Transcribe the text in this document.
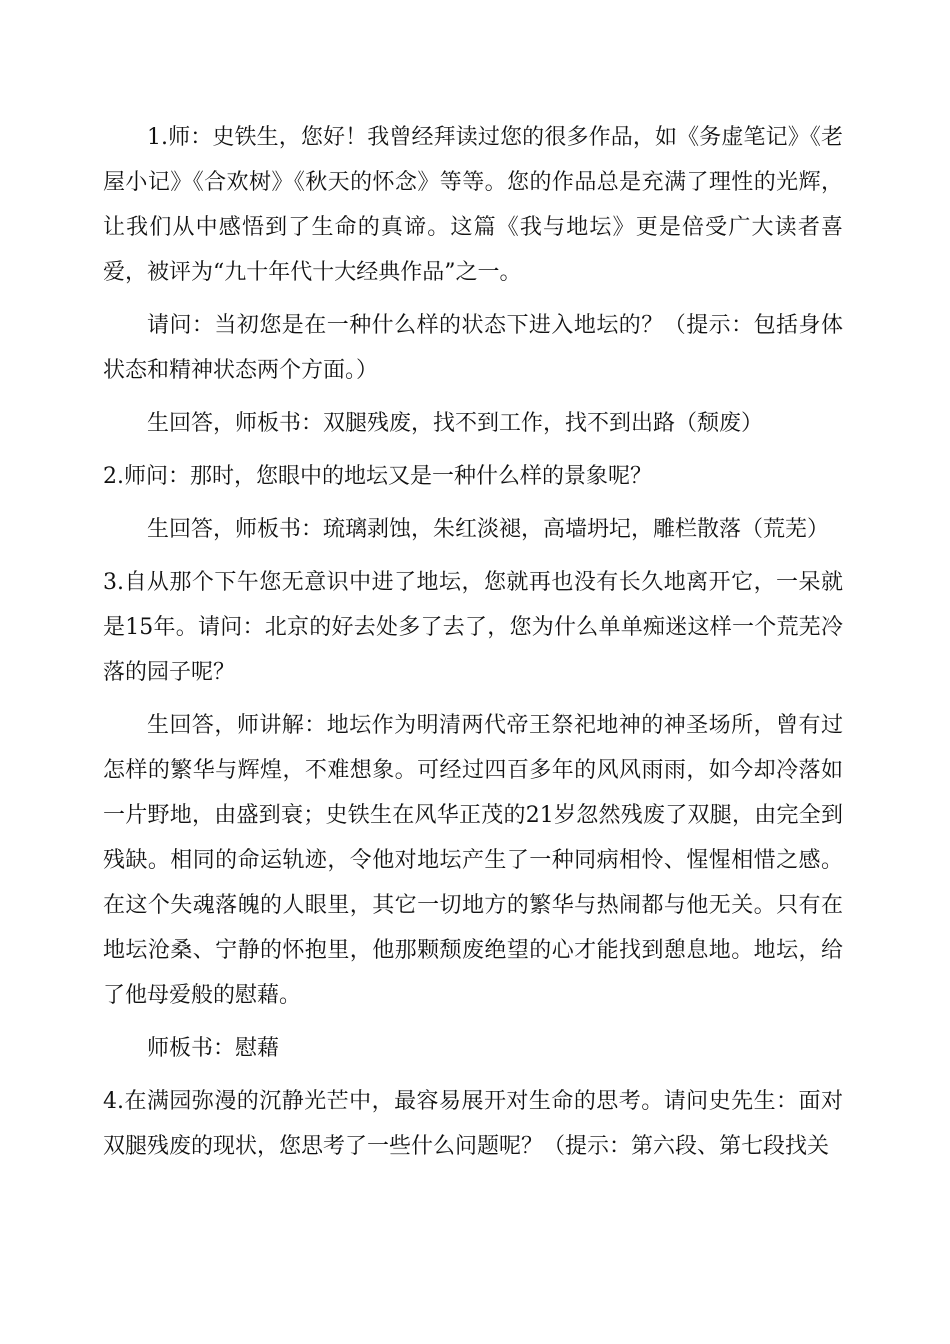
1.师：史铁生，您好！我曾经拜读过您的很多作品，如《务虚笔记》《老屋小记》《合欢树》《秋天的怀念》等等。您的作品总是充满了理性的光辉，让我们从中感悟到了生命的真谛。这篇《我与地坛》更是倍受广大读者喜爱，被评为“九十年代十大经典作品”之一。

请问：当初您是在一种什么样的状态下进入地坛的？（提示：包括身体状态和精神状态两个方面。）

生回答，师板书：双腿残废，找不到工作，找不到出路（颓废）

2.师问：那时，您眼中的地坛又是一种什么样的景象呢？

生回答，师板书：琉璃剥蚀，朱红淡褪，高墙坍圮，雕栏散落（荒芜）

3.自从那个下午您无意识中进了地坛，您就再也没有长久地离开它，一呆就是15年。请问：北京的好去处多了去了，您为什么单单痴迷这样一个荒芜冷落的园子呢？

生回答，师讲解：地坛作为明清两代帝王祭祀地神的神圣场所，曾有过怎样的繁华与辉煌，不难想象。可经过四百多年的风风雨雨，如今却冷落如一片野地，由盛到衰；史铁生在风华正茂的21岁忽然残废了双腿，由完全到残缺。相同的命运轨迹，令他对地坛产生了一种同病相怜、惺惺相惜之感。在这个失魂落魄的人眼里，其它一切地方的繁华与热闹都与他无关。只有在地坛沧桑、宁静的怀抱里，他那颗颓废绝望的心才能找到憩息地。地坛，给了他母爱般的慰藉。

师板书：慰藉

4.在满园弥漫的沉静光芒中，最容易展开对生命的思考。请问史先生：面对双腿残废的现状，您思考了一些什么问题呢？（提示：第六段、第七段找关
